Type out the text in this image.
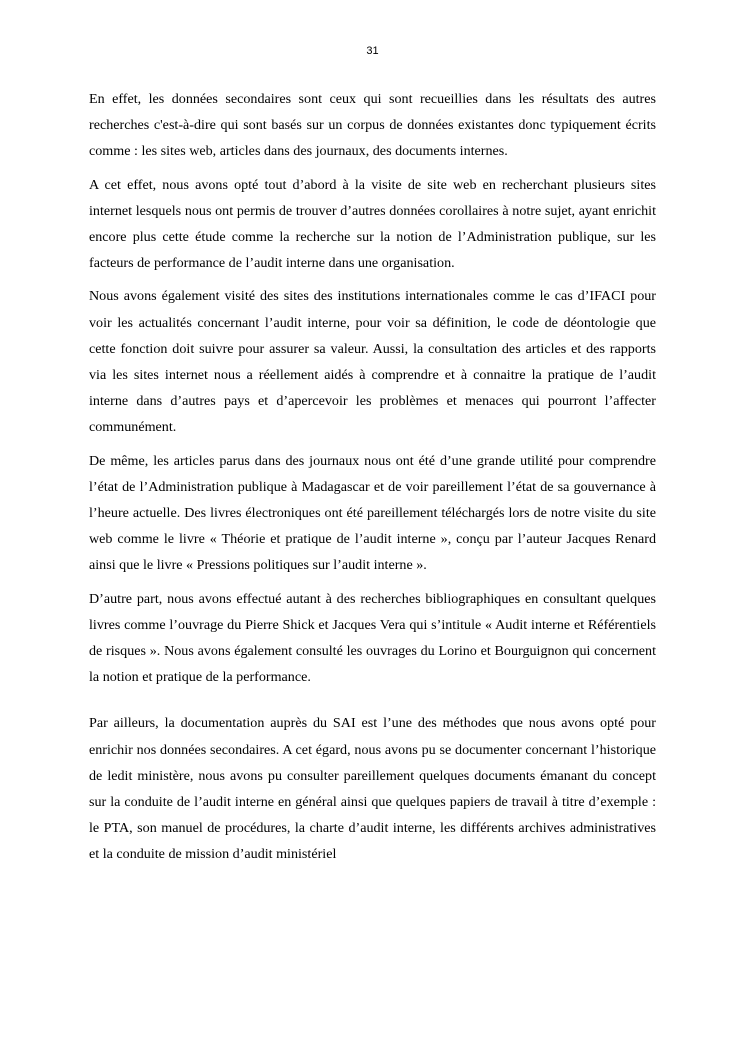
31

En effet, les données secondaires sont ceux qui sont recueillies dans les résultats des autres recherches c'est-à-dire qui sont basés sur un corpus de données existantes donc typiquement écrits comme : les sites web, articles dans des journaux, des documents internes.

A cet effet, nous avons opté tout d’abord à la visite de site web en recherchant plusieurs sites internet lesquels nous ont permis de trouver d’autres données corollaires à notre sujet, ayant enrichit encore plus cette étude comme la recherche sur la notion de l’Administration publique, sur les facteurs de performance de l’audit interne dans une organisation.

Nous avons également visité des sites des institutions internationales comme le cas d’IFACI pour voir les actualités concernant l’audit interne, pour voir sa définition, le code de déontologie que cette fonction doit suivre pour assurer sa valeur. Aussi, la consultation des articles et des rapports via les sites internet nous a réellement aidés à comprendre et à connaitre la pratique de l’audit interne dans d’autres pays et d’apercevoir les problèmes et menaces qui pourront l’affecter communément.

De même, les articles parus dans des journaux nous ont été d’une grande utilité pour comprendre l’état de l’Administration publique à Madagascar et de voir pareillement l’état de sa gouvernance à l’heure actuelle. Des livres électroniques ont été pareillement téléchargés lors de notre visite du site web comme le livre « Théorie et pratique de l’audit interne », conçu par l’auteur Jacques Renard ainsi que le livre « Pressions politiques sur l’audit interne ».

D’autre part, nous avons effectué autant à des recherches bibliographiques en consultant quelques livres comme l’ouvrage du Pierre Shick et Jacques Vera qui s’intitule « Audit interne et Référentiels de risques ». Nous avons également consulté les ouvrages du Lorino et Bourguignon qui concernent la notion et pratique de la performance.

Par ailleurs, la documentation auprès du SAI est l’une des méthodes que nous avons opté pour enrichir nos données secondaires. A cet égard, nous avons pu se documenter concernant l’historique de ledit ministère, nous avons pu consulter pareillement quelques documents émanant du concept sur la conduite de l’audit interne en général ainsi que quelques papiers de travail à titre d’exemple : le PTA, son manuel de procédures, la charte d’audit interne, les différents archives administratives et la conduite de mission d’audit ministériel
